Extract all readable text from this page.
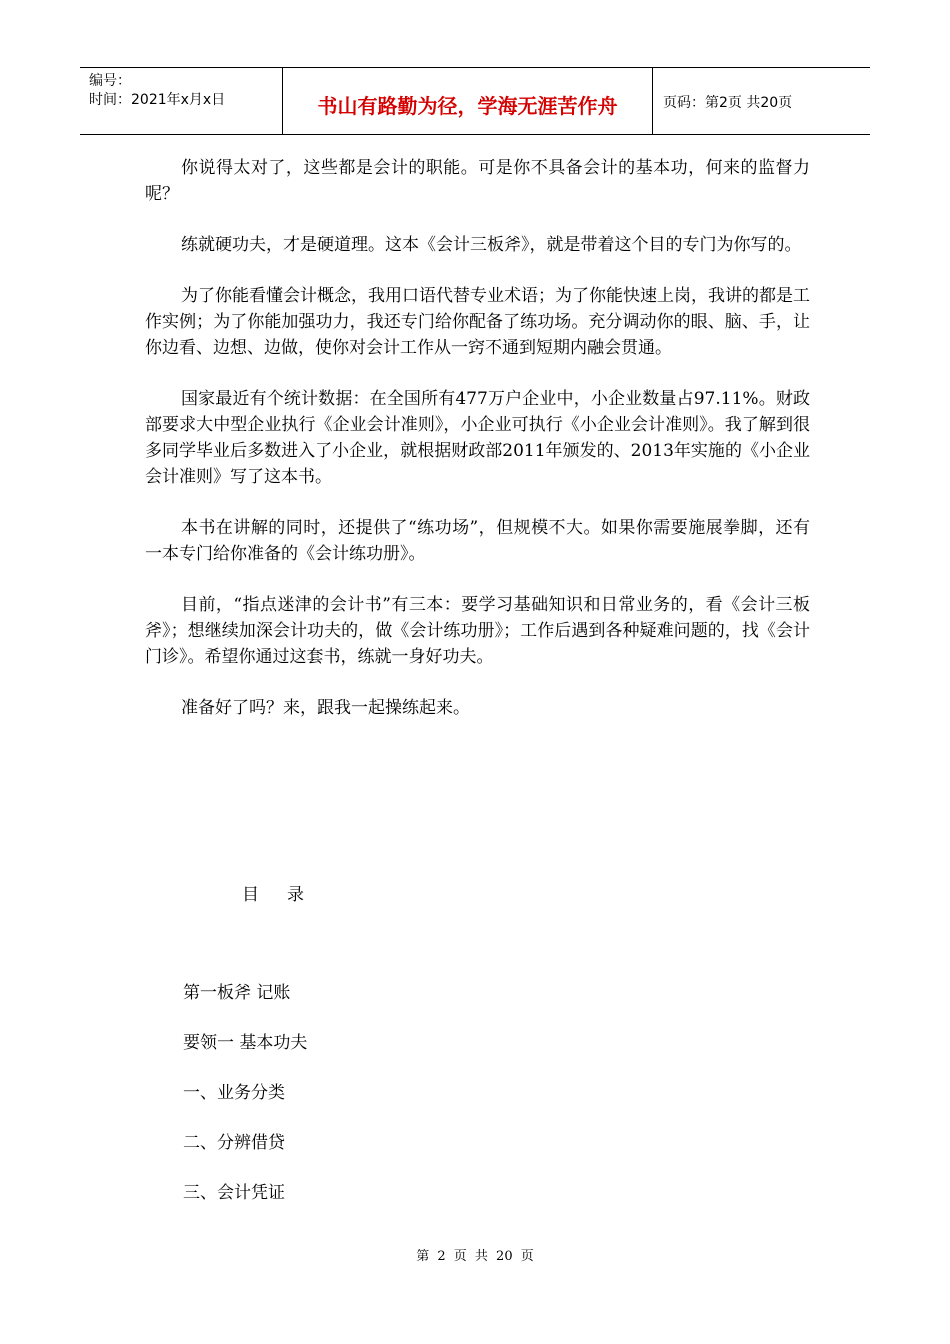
编号：
时间：2021年x月x日	书山有路勤为径，学海无涯苦作舟	页码：第2页 共20页

你说得太对了，这些都是会计的职能。可是你不具备会计的基本功，何来的监督力呢？

练就硬功夫，才是硬道理。这本《会计三板斧》，就是带着这个目的专门为你写的。

为了你能看懂会计概念，我用口语代替专业术语；为了你能快速上岗，我讲的都是工作实例；为了你能加强功力，我还专门给你配备了练功场。充分调动你的眼、脑、手，让你边看、边想、边做，使你对会计工作从一窍不通到短期内融会贯通。

国家最近有个统计数据：在全国所有477万户企业中，小企业数量占97.11%。财政部要求大中型企业执行《企业会计准则》，小企业可执行《小企业会计准则》。我了解到很多同学毕业后多数进入了小企业，就根据财政部2011年颁发的、2013年实施的《小企业会计准则》写了这本书。

本书在讲解的同时，还提供了“练功场”，但规模不大。如果你需要施展拳脚，还有一本专门给你准备的《会计练功册》。

目前，“指点迷津的会计书”有三本：要学习基础知识和日常业务的，看《会计三板斧》；想继续加深会计功夫的，做《会计练功册》；工作后遇到各种疑难问题的，找《会计门诊》。希望你通过这套书，练就一身好功夫。

准备好了吗？来，跟我一起操练起来。

目录
第一板斧 记账
要领一 基本功夫
一、业务分类
二、分辨借贷
三、会计凭证
第 2 页 共 20 页
